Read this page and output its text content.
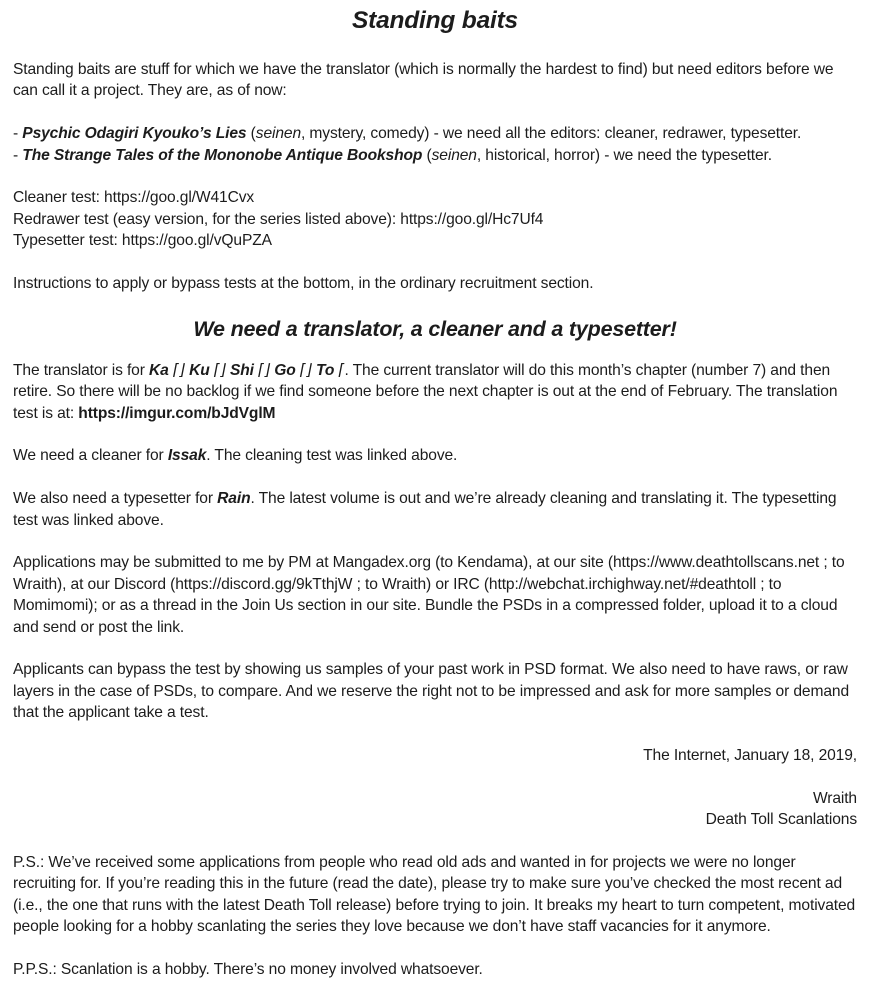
Standing baits

Standing baits are stuff for which we have the translator (which is normally the hardest to find) but need editors before we can call it a project. They are, as of now:

- Psychic Odagiri Kyouko’s Lies (seinen, mystery, comedy) - we need all the editors: cleaner, redrawer, typesetter.
- The Strange Tales of the Mononobe Antique Bookshop (seinen, historical, horror) - we need the typesetter.
Cleaner test: https://goo.gl/W41Cvx
Redrawer test (easy version, for the series listed above): https://goo.gl/Hc7Uf4
Typesetter test: https://goo.gl/vQuPZA

Instructions to apply or bypass tests at the bottom, in the ordinary recruitment section.

We need a translator, a cleaner and a typesetter!

The translator is for Ka ⌈⌋ Ku ⌈⌋ Shi ⌈⌋ Go ⌈⌋ To ⌈. The current translator will do this month’s chapter (number 7) and then retire. So there will be no backlog if we find someone before the next chapter is out at the end of February. The translation test is at: https://imgur.com/bJdVglM

We need a cleaner for Issak. The cleaning test was linked above.

We also need a typesetter for Rain. The latest volume is out and we’re already cleaning and translating it. The typesetting test was linked above.

Applications may be submitted to me by PM at Mangadex.org (to Kendama), at our site (https://www.deathtollscans.net ; to Wraith), at our Discord (https://discord.gg/9kTthjW ; to Wraith) or IRC (http://webchat.irchighway.net/#deathtoll ; to Momimomi); or as a thread in the Join Us section in our site. Bundle the PSDs in a compressed folder, upload it to a cloud and send or post the link.

Applicants can bypass the test by showing us samples of your past work in PSD format. We also need to have raws, or raw layers in the case of PSDs, to compare. And we reserve the right not to be impressed and ask for more samples or demand that the applicant take a test.

The Internet, January 18, 2019,

Wraith
Death Toll Scanlations

P.S.: We’ve received some applications from people who read old ads and wanted in for projects we were no longer recruiting for. If you’re reading this in the future (read the date), please try to make sure you’ve checked the most recent ad (i.e., the one that runs with the latest Death Toll release) before trying to join. It breaks my heart to turn competent, motivated people looking for a hobby scanlating the series they love because we don’t have staff vacancies for it anymore.

P.P.S.: Scanlation is a hobby. There’s no money involved whatsoever.
